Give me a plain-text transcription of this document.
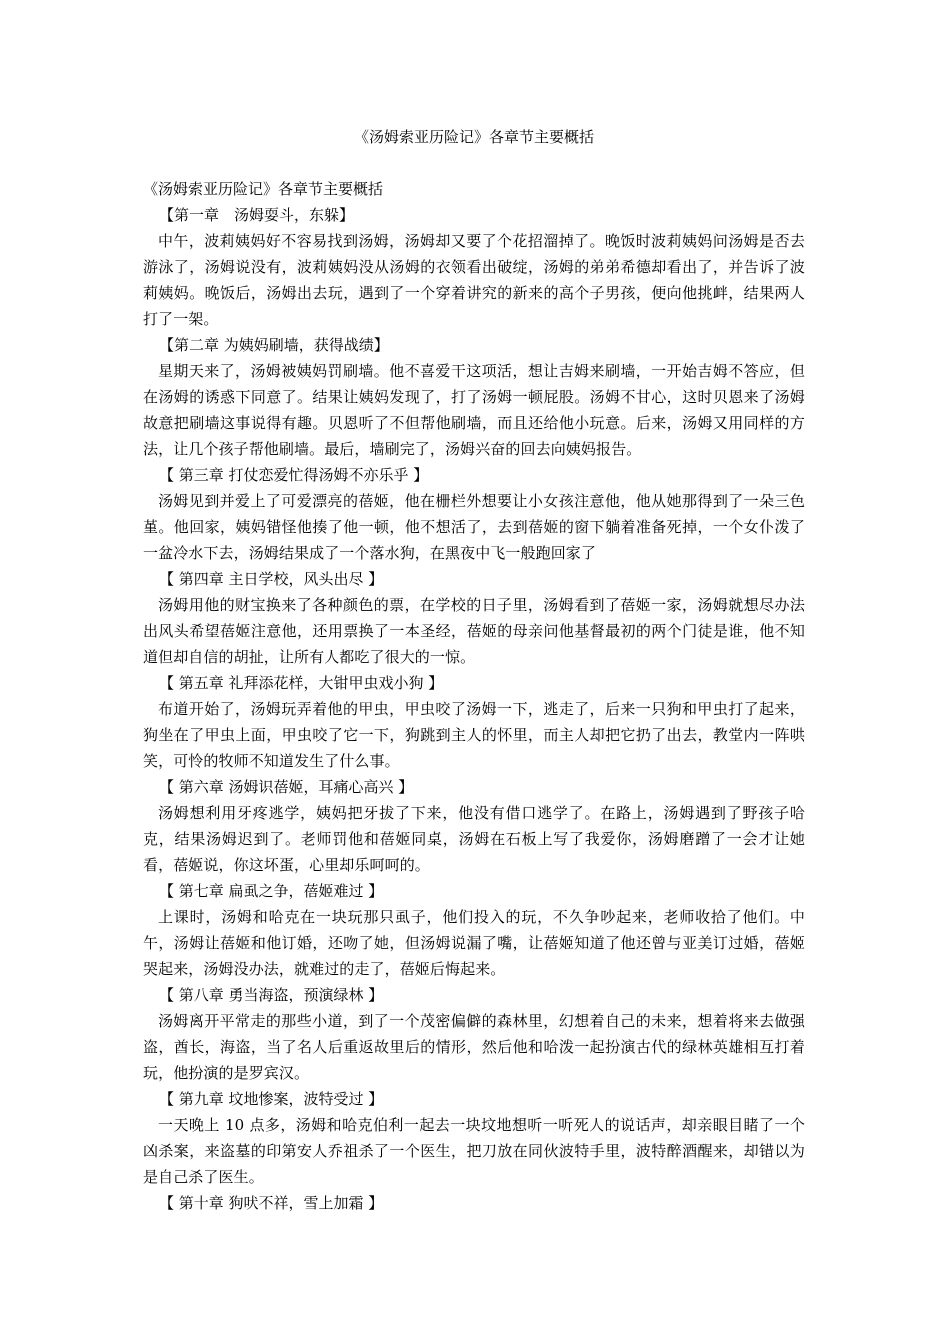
《汤姆索亚历险记》各章节主要概括

《汤姆索亚历险记》各章节主要概括

【第一章　汤姆耍斗，东躲】

中午，波莉姨妈好不容易找到汤姆，汤姆却又要了个花招溜掉了。晚饭时波莉姨妈问汤姆是否去游泳了，汤姆说没有，波莉姨妈没从汤姆的衣领看出破绽，汤姆的弟弟希德却看出了，并告诉了波莉姨妈。晚饭后，汤姆出去玩，遇到了一个穿着讲究的新来的高个子男孩，便向他挑衅，结果两人打了一架。

【第二章 为姨妈刷墙，获得战绩】

星期天来了，汤姆被姨妈罚刷墙。他不喜爱干这项活，想让吉姆来刷墙，一开始吉姆不答应，但在汤姆的诱惑下同意了。结果让姨妈发现了，打了汤姆一顿屁股。汤姆不甘心，这时贝恩来了汤姆故意把刷墙这事说得有趣。贝恩听了不但帮他刷墙，而且还给他小玩意。后来，汤姆又用同样的方法，让几个孩子帮他刷墙。最后，墙刷完了，汤姆兴奋的回去向姨妈报告。

【 第三章 打仗恋爱忙得汤姆不亦乐乎 】

汤姆见到并爱上了可爱漂亮的蓓姬，他在栅栏外想要让小女孩注意他，他从她那得到了一朵三色堇。他回家，姨妈错怪他揍了他一顿，他不想活了，去到蓓姬的窗下躺着准备死掉，一个女仆泼了一盆冷水下去，汤姆结果成了一个落水狗，在黑夜中飞一般跑回家了

【 第四章 主日学校，风头出尽 】

汤姆用他的财宝换来了各种颜色的票，在学校的日子里，汤姆看到了蓓姬一家，汤姆就想尽办法出风头希望蓓姬注意他，还用票换了一本圣经，蓓姬的母亲问他基督最初的两个门徒是谁，他不知道但却自信的胡扯，让所有人都吃了很大的一惊。

【 第五章 礼拜添花样，大钳甲虫戏小狗 】

布道开始了，汤姆玩弄着他的甲虫，甲虫咬了汤姆一下，逃走了，后来一只狗和甲虫打了起来，狗坐在了甲虫上面，甲虫咬了它一下，狗跳到主人的怀里，而主人却把它扔了出去，教堂内一阵哄笑，可怜的牧师不知道发生了什么事。

【 第六章 汤姆识蓓姬，耳痛心高兴 】

汤姆想利用牙疼逃学，姨妈把牙拔了下来，他没有借口逃学了。在路上，汤姆遇到了野孩子哈克，结果汤姆迟到了。老师罚他和蓓姬同桌，汤姆在石板上写了我爱你，汤姆磨蹭了一会才让她看，蓓姬说，你这坏蛋，心里却乐呵呵的。

【 第七章 扁虱之争，蓓姬难过 】

上课时，汤姆和哈克在一块玩那只虱子，他们投入的玩，不久争吵起来，老师收拾了他们。中午，汤姆让蓓姬和他订婚，还吻了她，但汤姆说漏了嘴，让蓓姬知道了他还曾与亚美订过婚，蓓姬哭起来，汤姆没办法，就难过的走了，蓓姬后悔起来。

【 第八章 勇当海盗，预演绿林 】

汤姆离开平常走的那些小道，到了一个茂密偏僻的森林里，幻想着自己的未来，想着将来去做强盗，酋长，海盗，当了名人后重返故里后的情形，然后他和哈泼一起扮演古代的绿林英雄相互打着玩，他扮演的是罗宾汉。

【 第九章 坟地惨案，波特受过 】

一天晚上 10 点多，汤姆和哈克伯利一起去一块坟地想听一听死人的说话声，却亲眼目睹了一个凶杀案，来盗墓的印第安人乔祖杀了一个医生，把刀放在同伙波特手里，波特醉酒醒来，却错以为是自己杀了医生。

【 第十章 狗吠不祥，雪上加霜 】
